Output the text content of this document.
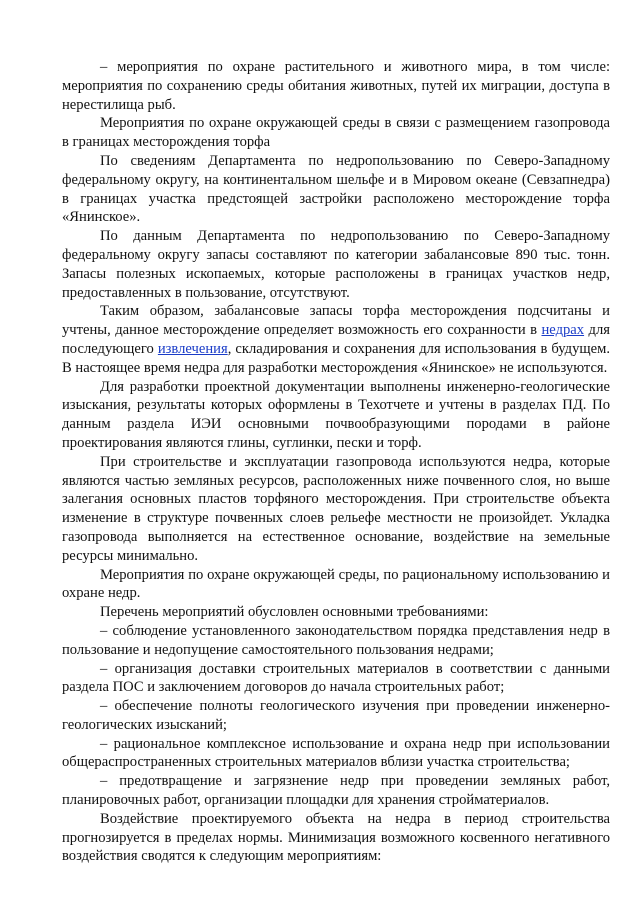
– мероприятия по охране растительного и животного мира, в том числе: мероприятия по сохранению среды обитания животных, путей их миграции, доступа в нерестилища рыб.

Мероприятия по охране окружающей среды в связи с размещением газопровода в границах месторождения торфа

По сведениям Департамента по недропользованию по Северо-Западному федеральному округу, на континентальном шельфе и в Мировом океане (Севзапнедра) в границах участка предстоящей застройки расположено месторождение торфа «Янинское».

По данным Департамента по недропользованию по Северо-Западному федеральному округу запасы составляют по категории забалансовые 890 тыс. тонн. Запасы полезных ископаемых, которые расположены в границах участков недр, предоставленных в пользование, отсутствуют.

Таким образом, забалансовые запасы торфа месторождения подсчитаны и учтены, данное месторождение определяет возможность его сохранности в недрах для последующего извлечения, складирования и сохранения для использования в будущем. В настоящее время недра для разработки месторождения «Янинское» не используются.

Для разработки проектной документации выполнены инженерно-геологические изыскания, результаты которых оформлены в Техотчете и учтены в разделах ПД. По данным раздела ИЭИ основными почвообразующими породами в районе проектирования являются глины, суглинки, пески и торф.

При строительстве и эксплуатации газопровода используются недра, которые являются частью земляных ресурсов, расположенных ниже почвенного слоя, но выше залегания основных пластов торфяного месторождения. При строительстве объекта изменение в структуре почвенных слоев рельефе местности не произойдет. Укладка газопровода выполняется на естественное основание, воздействие на земельные ресурсы минимально.

Мероприятия по охране окружающей среды, по рациональному использованию и охране недр.

Перечень мероприятий обусловлен основными требованиями:

– соблюдение установленного законодательством порядка представления недр в пользование и недопущение самостоятельного пользования недрами;

– организация доставки строительных материалов в соответствии с данными раздела ПОС и заключением договоров до начала строительных работ;

– обеспечение полноты геологического изучения при проведении инженерно-геологических изысканий;

– рациональное комплексное использование и охрана недр при использовании общераспространенных строительных материалов вблизи участка строительства;

– предотвращение и загрязнение недр при проведении земляных работ, планировочных работ, организации площадки для хранения стройматериалов.

Воздействие проектируемого объекта на недра в период строительства прогнозируется в пределах нормы. Минимизация возможного косвенного негативного воздействия сводятся к следующим мероприятиям:
